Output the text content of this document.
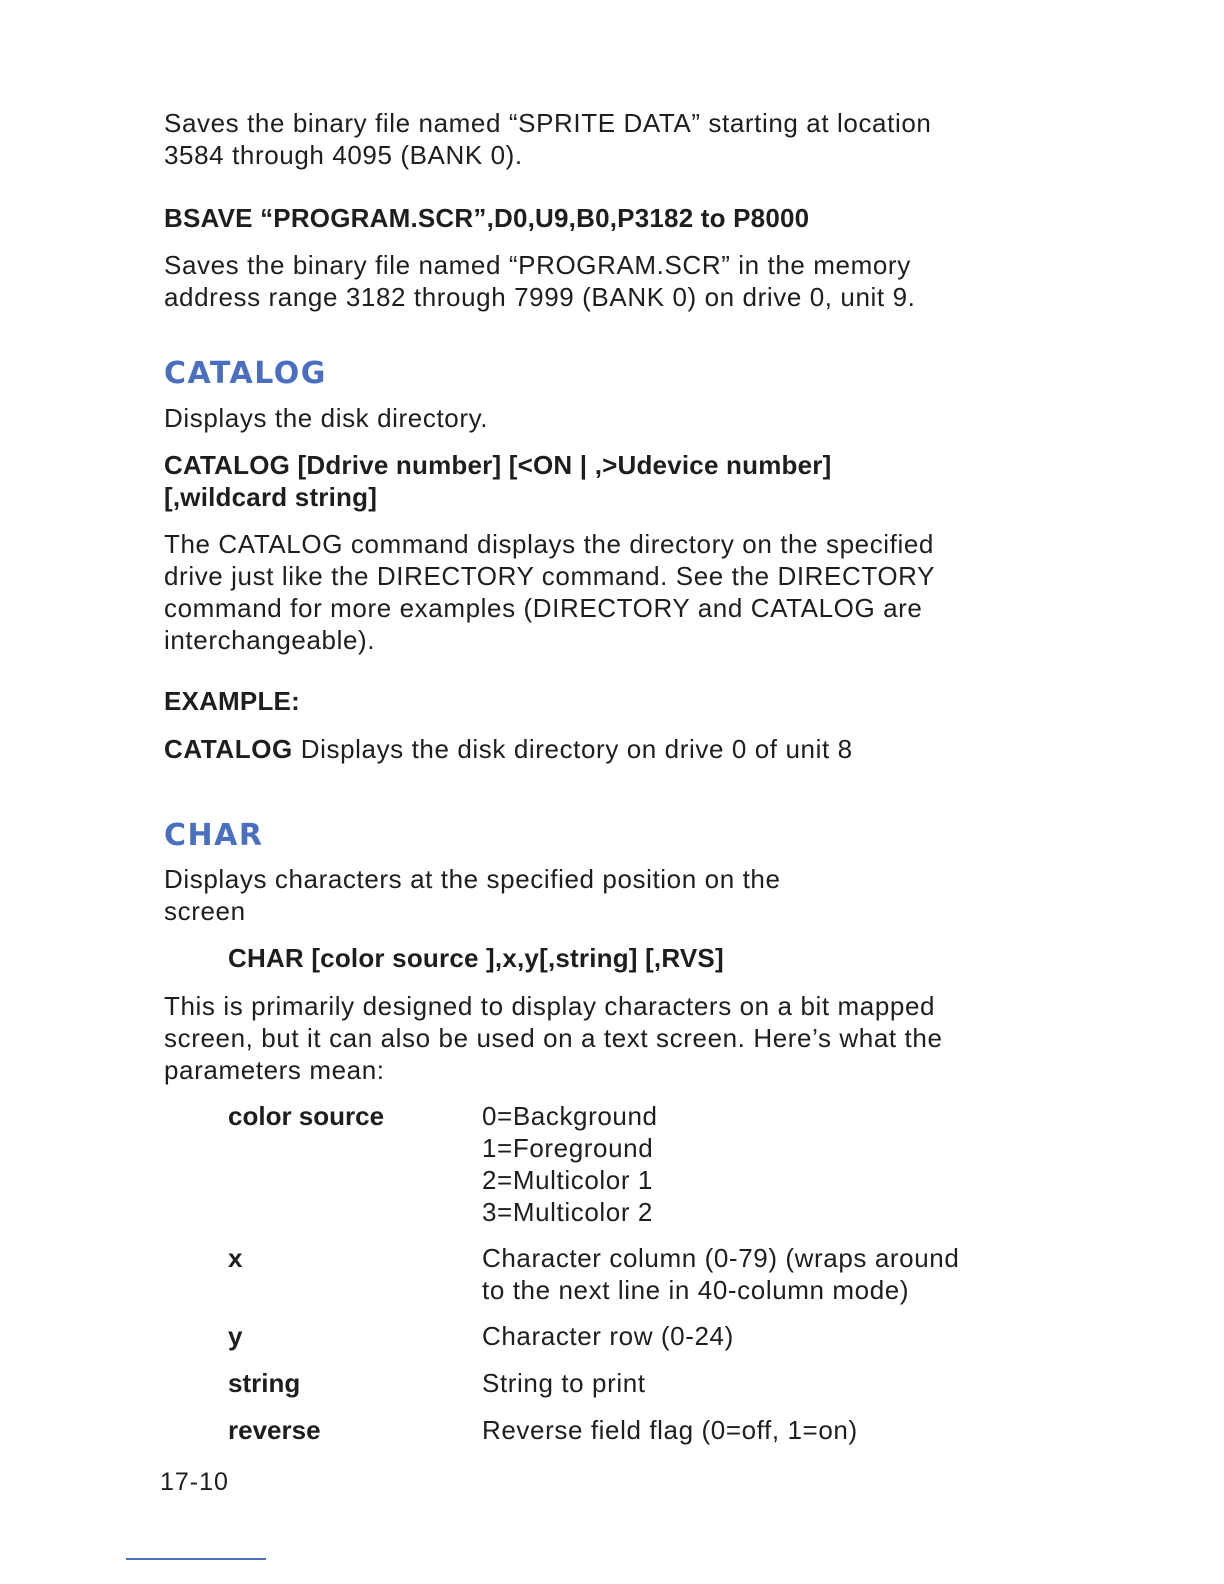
Saves the binary file named “SPRITE DATA” starting at location
3584 through 4095 (BANK 0).

BSAVE “PROGRAM.SCR”,D0,U9,B0,P3182 to P8000

Saves the binary file named “PROGRAM.SCR” in the memory
address range 3182 through 7999 (BANK 0) on drive 0, unit 9.

CATALOG

Displays the disk directory.

CATALOG [Ddrive number] [<ON | ,>Udevice number]
[,wildcard string]

The CATALOG command displays the directory on the specified
drive just like the DIRECTORY command. See the DIRECTORY
command for more examples (DIRECTORY and CATALOG are
interchangeable).

EXAMPLE:

CATALOG Displays the disk directory on drive 0 of unit 8

CHAR

Displays characters at the specified position on the
screen

CHAR [color source ],x,y[,string] [,RVS]

This is primarily designed to display characters on a bit mapped
screen, but it can also be used on a text screen. Here’s what the
parameters mean:

color source	0=Background
1=Foreground
2=Multicolor 1
3=Multicolor 2
x	Character column (0-79) (wraps around
to the next line in 40-column mode)
y	Character row (0-24)
string	String to print
reverse	Reverse field flag (0=off, 1=on)
17-10
